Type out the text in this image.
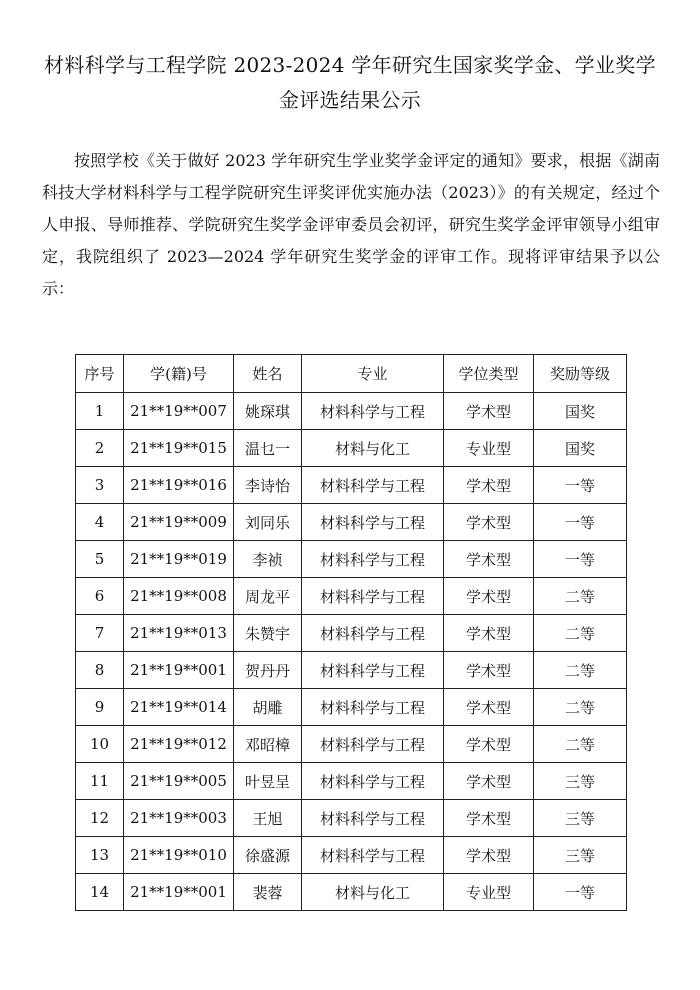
材料科学与工程学院 2023-2024 学年研究生国家奖学金、学业奖学
金评选结果公示

按照学校《关于做好 2023 学年研究生学业奖学金评定的通知》要求，根据《湖南科技大学材料科学与工程学院研究生评奖评优实施办法（2023）》的有关规定，经过个人申报、导师推荐、学院研究生奖学金评审委员会初评，研究生奖学金评审领导小组审定，我院组织了 2023—2024 学年研究生奖学金的评审工作。现将评审结果予以公示：

序号	学(籍)号	姓名	专业	学位类型	奖励等级
1	21**19**007	姚琛琪	材料科学与工程	学术型	国奖
2	21**19**015	温乜一	材料与化工	专业型	国奖
3	21**19**016	李诗怡	材料科学与工程	学术型	一等
4	21**19**009	刘同乐	材料科学与工程	学术型	一等
5	21**19**019	李祯	材料科学与工程	学术型	一等
6	21**19**008	周龙平	材料科学与工程	学术型	二等
7	21**19**013	朱赞宇	材料科学与工程	学术型	二等
8	21**19**001	贺丹丹	材料科学与工程	学术型	二等
9	21**19**014	胡雕	材料科学与工程	学术型	二等
10	21**19**012	邓昭樟	材料科学与工程	学术型	二等
11	21**19**005	叶昱呈	材料科学与工程	学术型	三等
12	21**19**003	王旭	材料科学与工程	学术型	三等
13	21**19**010	徐盛源	材料科学与工程	学术型	三等
14	21**19**001	裴蓉	材料与化工	专业型	一等
